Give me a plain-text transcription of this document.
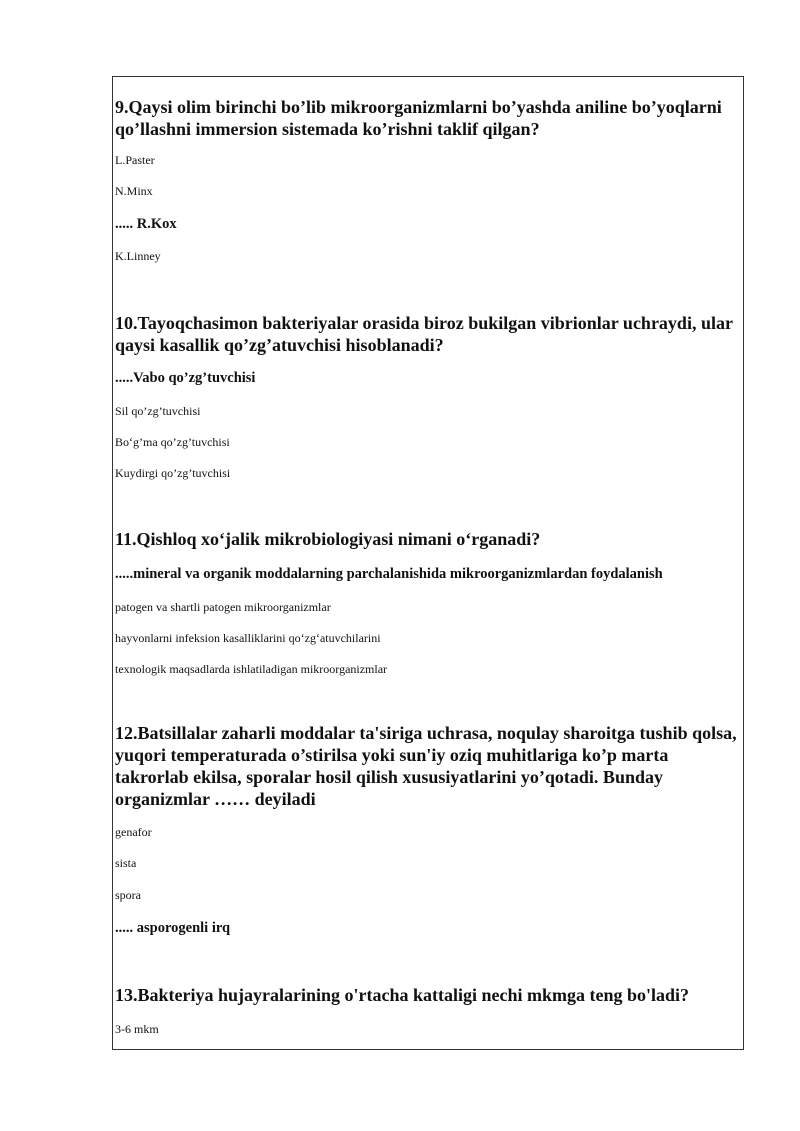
9.Qaysi olim birinchi bo’lib mikroorganizmlarni bo’yashda aniline bo’yoqlarni qo’llashni immersion sistemada ko’rishni taklif qilgan?

L.Paster

N.Minx

..... R.Kox

K.Linney

10.Tayoqchasimon bakteriyalar orasida biroz bukilgan vibrionlar uchraydi, ular qaysi kasallik qo’zg’atuvchisi hisoblanadi?

.....Vabo qo’zg’tuvchisi

Sil qo’zg’tuvchisi

Bo‘g’ma qo’zg’tuvchisi

Kuydirgi qo’zg’tuvchisi

11.Qishloq xo‘jalik mikrobiologiyasi nimani o‘rganadi?

.....mineral va organik moddalarning parchalanishida mikroorganizmlardan foydalanish

patogen va shartli patogen mikroorganizmlar

hayvonlarni infeksion kasalliklarini qo‘zg‘atuvchilarini

texnologik maqsadlarda ishlatiladigan mikroorganizmlar

12.Batsillalar zaharli moddalar ta'siriga uchrasa, noqulay sharoitga tushib qolsa, yuqori temperaturada o’stirilsa yoki sun'iy oziq muhitlariga ko’p marta takrorlab ekilsa, sporalar hosil qilish xususiyatlarini yo’qotadi. Bunday organizmlar …… deyiladi

genafor

sista

spora

..... asporogenli irq

13.Bakteriya hujayralarining o'rtacha kattaligi nechi mkmga teng bo'ladi?

3-6 mkm
